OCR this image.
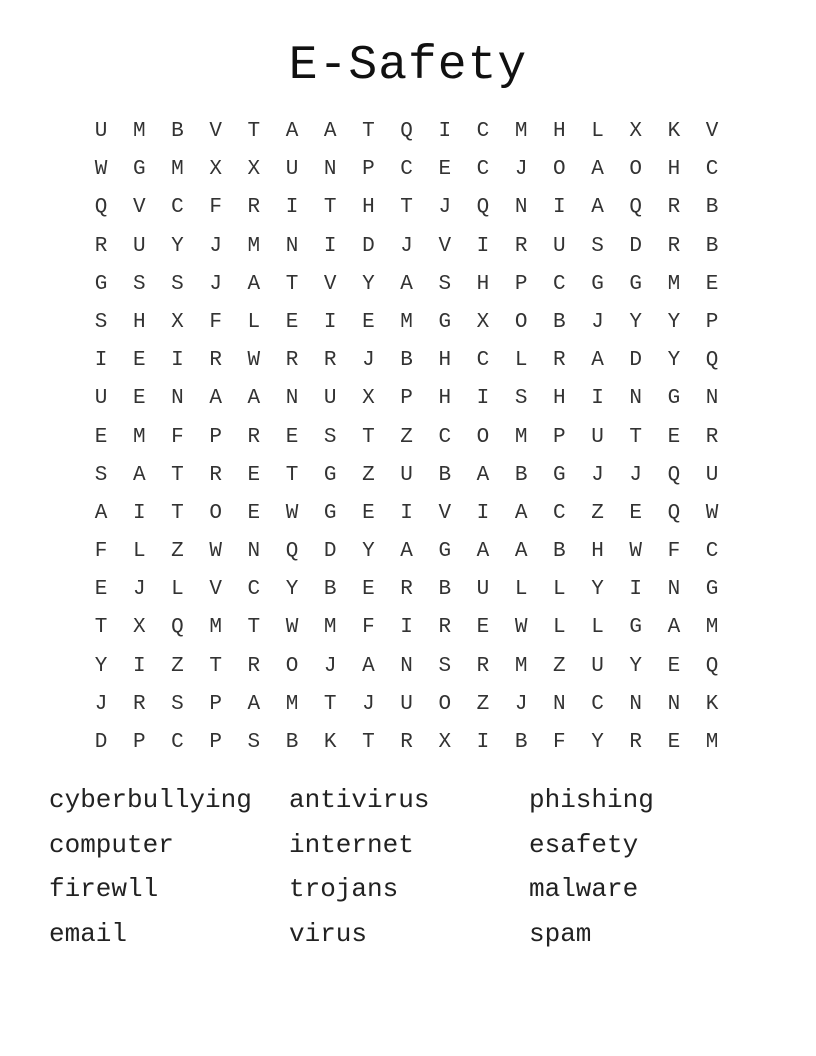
E-Safety
U	M	B	V	T	A	A	T	Q	I	C	M	H	L	X	K	V
W	G	M	X	X	U	N	P	C	E	C	J	O	A	O	H	C
Q	V	C	F	R	I	T	H	T	J	Q	N	I	A	Q	R	B
R	U	Y	J	M	N	I	D	J	V	I	R	U	S	D	R	B
G	S	S	J	A	T	V	Y	A	S	H	P	C	G	G	M	E
S	H	X	F	L	E	I	E	M	G	X	O	B	J	Y	Y	P
I	E	I	R	W	R	R	J	B	H	C	L	R	A	D	Y	Q
U	E	N	A	A	N	U	X	P	H	I	S	H	I	N	G	N
E	M	F	P	R	E	S	T	Z	C	O	M	P	U	T	E	R
S	A	T	R	E	T	G	Z	U	B	A	B	G	J	J	Q	U
A	I	T	O	E	W	G	E	I	V	I	A	C	Z	E	Q	W
F	L	Z	W	N	Q	D	Y	A	G	A	A	B	H	W	F	C
E	J	L	V	C	Y	B	E	R	B	U	L	L	Y	I	N	G
T	X	Q	M	T	W	M	F	I	R	E	W	L	L	G	A	M
Y	I	Z	T	R	O	J	A	N	S	R	M	Z	U	Y	E	Q
J	R	S	P	A	M	T	J	U	O	Z	J	N	C	N	N	K
D	P	C	P	S	B	K	T	R	X	I	B	F	Y	R	E	M
cyberbullying	antivirus	phishing
computer	internet	esafety
firewll	trojans	malware
email	virus	spam
